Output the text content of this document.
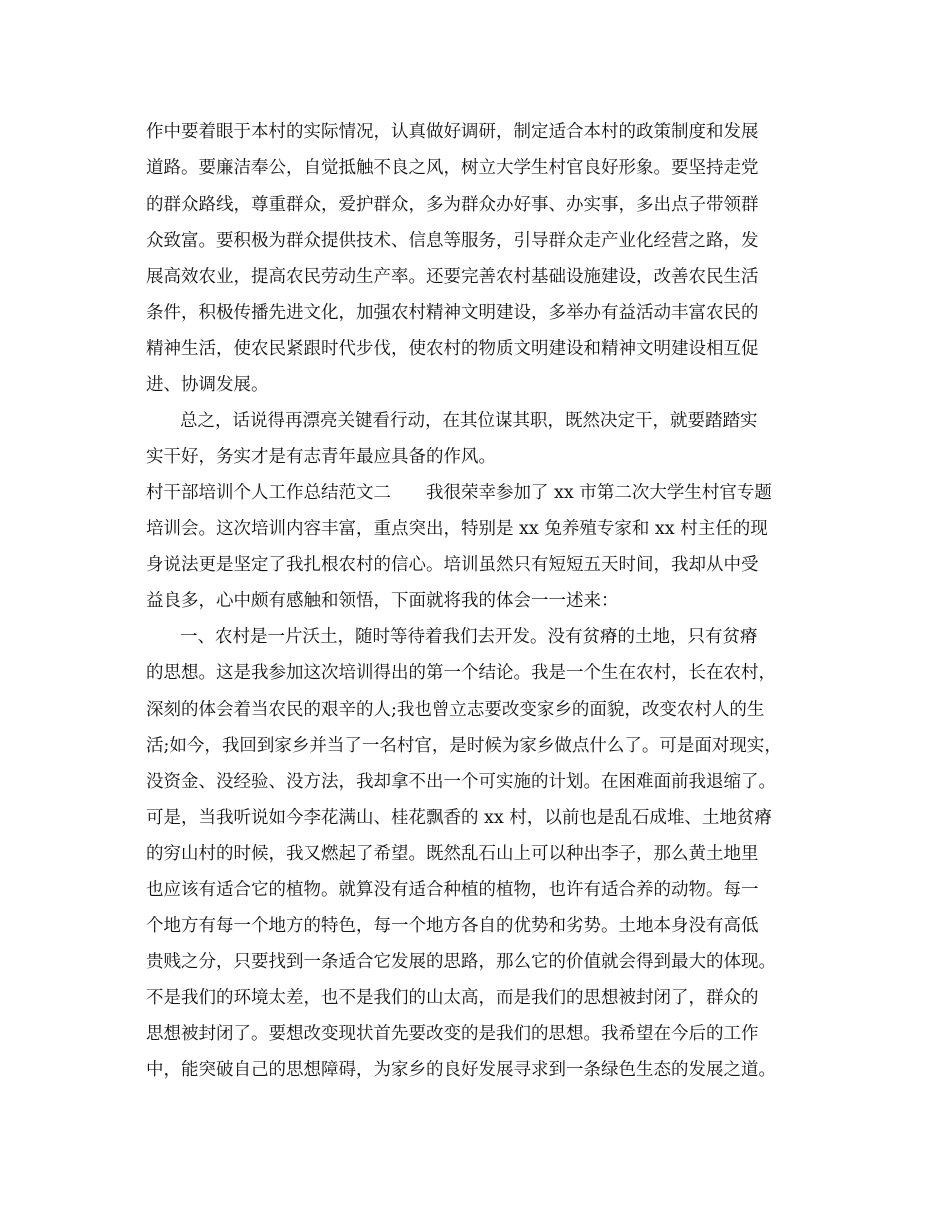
作中要着眼于本村的实际情况，认真做好调研，制定适合本村的政策制度和发展

道路。要廉洁奉公，自觉抵触不良之风，树立大学生村官良好形象。要坚持走党

的群众路线，尊重群众，爱护群众，多为群众办好事、办实事，多出点子带领群

众致富。要积极为群众提供技术、信息等服务，引导群众走产业化经营之路，发

展高效农业，提高农民劳动生产率。还要完善农村基础设施建设，改善农民生活

条件，积极传播先进文化，加强农村精神文明建设，多举办有益活动丰富农民的

精神生活，使农民紧跟时代步伐，使农村的物质文明建设和精神文明建设相互促

进、协调发展。

总之，话说得再漂亮关键看行动，在其位谋其职，既然决定干，就要踏踏实

实干好，务实才是有志青年最应具备的作风。

村干部培训个人工作总结范文二　　我很荣幸参加了 xx 市第二次大学生村官专题

培训会。这次培训内容丰富，重点突出，特别是 xx 兔养殖专家和 xx 村主任的现

身说法更是坚定了我扎根农村的信心。培训虽然只有短短五天时间，我却从中受

益良多，心中颇有感触和领悟，下面就将我的体会一一述来：

一、农村是一片沃土，随时等待着我们去开发。没有贫瘠的土地，只有贫瘠

的思想。这是我参加这次培训得出的第一个结论。我是一个生在农村，长在农村，

深刻的体会着当农民的艰辛的人;我也曾立志要改变家乡的面貌，改变农村人的生

活;如今，我回到家乡并当了一名村官，是时候为家乡做点什么了。可是面对现实，

没资金、没经验、没方法，我却拿不出一个可实施的计划。在困难面前我退缩了。

可是，当我听说如今李花满山、桂花飘香的 xx 村，以前也是乱石成堆、土地贫瘠

的穷山村的时候，我又燃起了希望。既然乱石山上可以种出李子，那么黄土地里

也应该有适合它的植物。就算没有适合种植的植物，也许有适合养的动物。每一

个地方有每一个地方的特色，每一个地方各自的优势和劣势。土地本身没有高低

贵贱之分，只要找到一条适合它发展的思路，那么它的价值就会得到最大的体现。

不是我们的环境太差，也不是我们的山太高，而是我们的思想被封闭了，群众的

思想被封闭了。要想改变现状首先要改变的是我们的思想。我希望在今后的工作

中，能突破自己的思想障碍，为家乡的良好发展寻求到一条绿色生态的发展之道。
